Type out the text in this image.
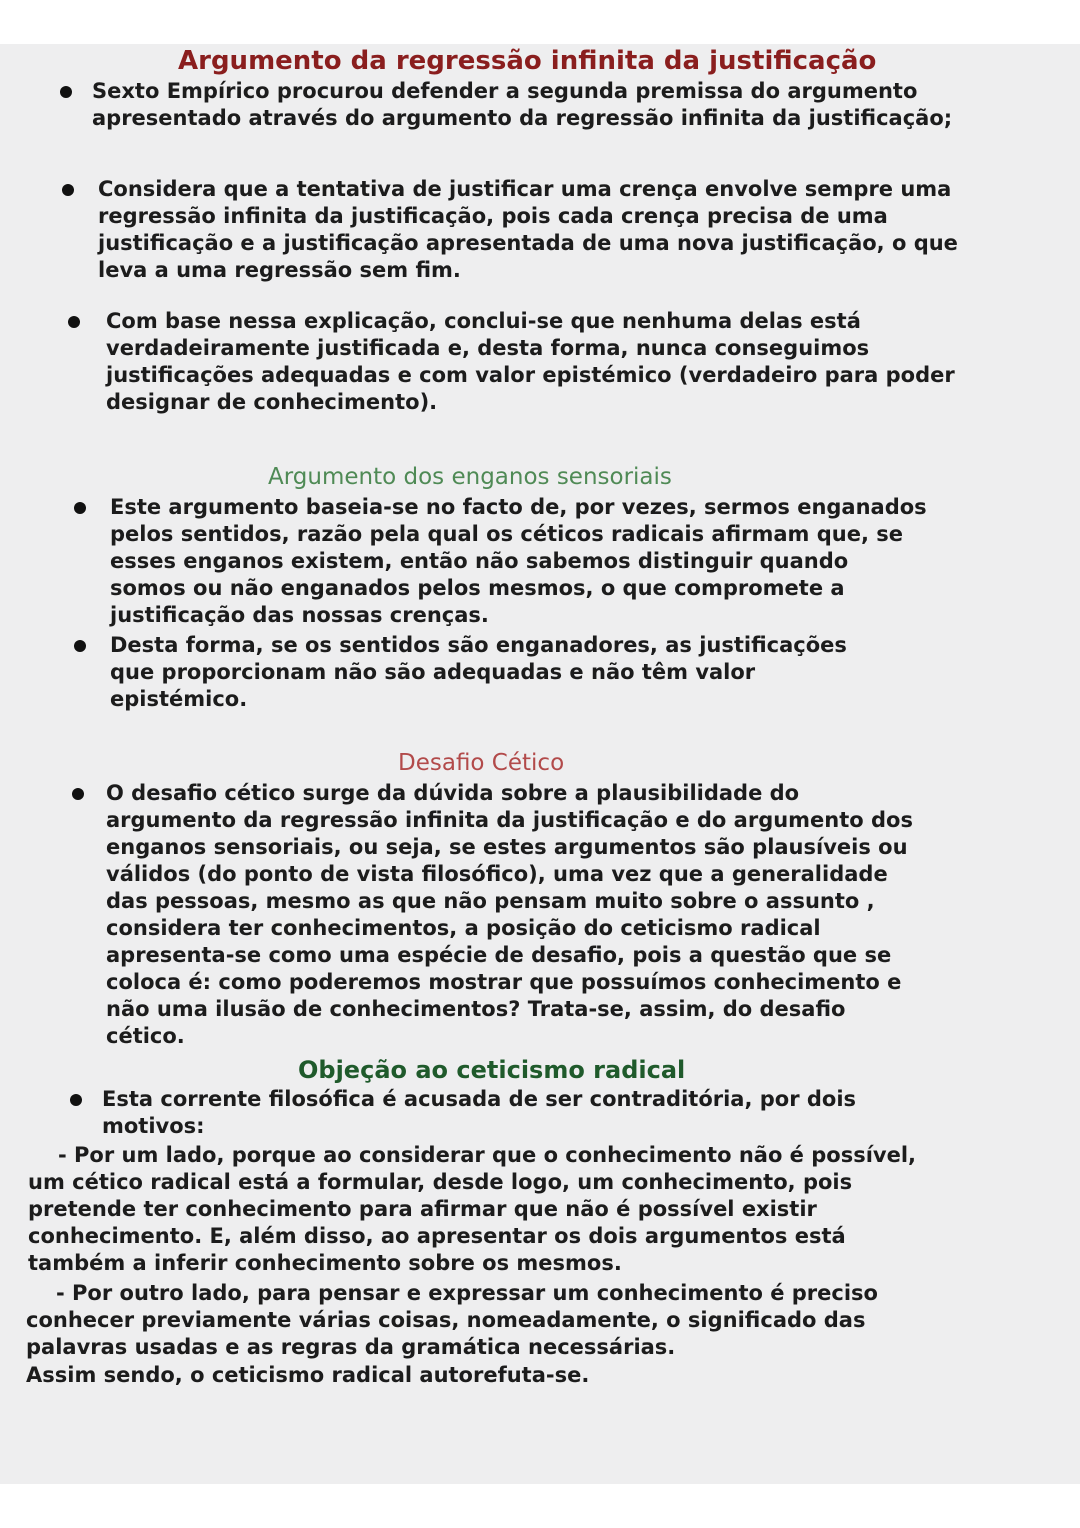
Argumento da regressão infinita da justificação

Sexto Empírico procurou defender a segunda premissa do argumento apresentado através do argumento da regressão infinita da justificação;

Considera que a tentativa de justificar uma crença envolve sempre uma regressão infinita da justificação, pois cada crença precisa de uma justificação e a justificação apresentada de uma nova justificação, o que leva a uma regressão sem fim.

Com base nessa explicação, conclui-se que nenhuma delas está verdadeiramente justificada e, desta forma, nunca conseguimos justificações adequadas e com valor epistémico (verdadeiro para poder designar de conhecimento).

Argumento dos enganos sensoriais

Este argumento baseia-se no facto de, por vezes, sermos enganados pelos sentidos, razão pela qual os céticos radicais afirmam que, se esses enganos existem, então não sabemos distinguir quando somos ou não enganados pelos mesmos, o que compromete a justificação das nossas crenças.

Desta forma, se os sentidos são enganadores, as justificações que proporcionam não são adequadas e não têm valor epistémico.

Desafio Cético

O desafio cético surge da dúvida sobre a plausibilidade do argumento da regressão infinita da justificação e do argumento dos enganos sensoriais, ou seja, se estes argumentos são plausíveis ou válidos (do ponto de vista filosófico), uma vez que a generalidade das pessoas, mesmo as que não pensam muito sobre o assunto , considera ter conhecimentos, a posição do ceticismo radical apresenta-se como uma espécie de desafio, pois a questão que se coloca é: como poderemos mostrar que possuímos conhecimento e não uma ilusão de conhecimentos? Trata-se, assim, do desafio cético.

Objeção ao ceticismo radical

Esta corrente filosófica é acusada de ser contraditória, por dois motivos:

- Por um lado, porque ao considerar que o conhecimento não é possível, um cético radical está a formular, desde logo, um conhecimento, pois pretende ter conhecimento para afirmar que não é possível existir conhecimento. E, além disso, ao apresentar os dois argumentos está também a inferir conhecimento sobre os mesmos.

- Por outro lado, para pensar e expressar um conhecimento é preciso conhecer previamente várias coisas, nomeadamente, o significado das palavras usadas e as regras da gramática necessárias.

Assim sendo, o ceticismo radical autorefuta-se.
